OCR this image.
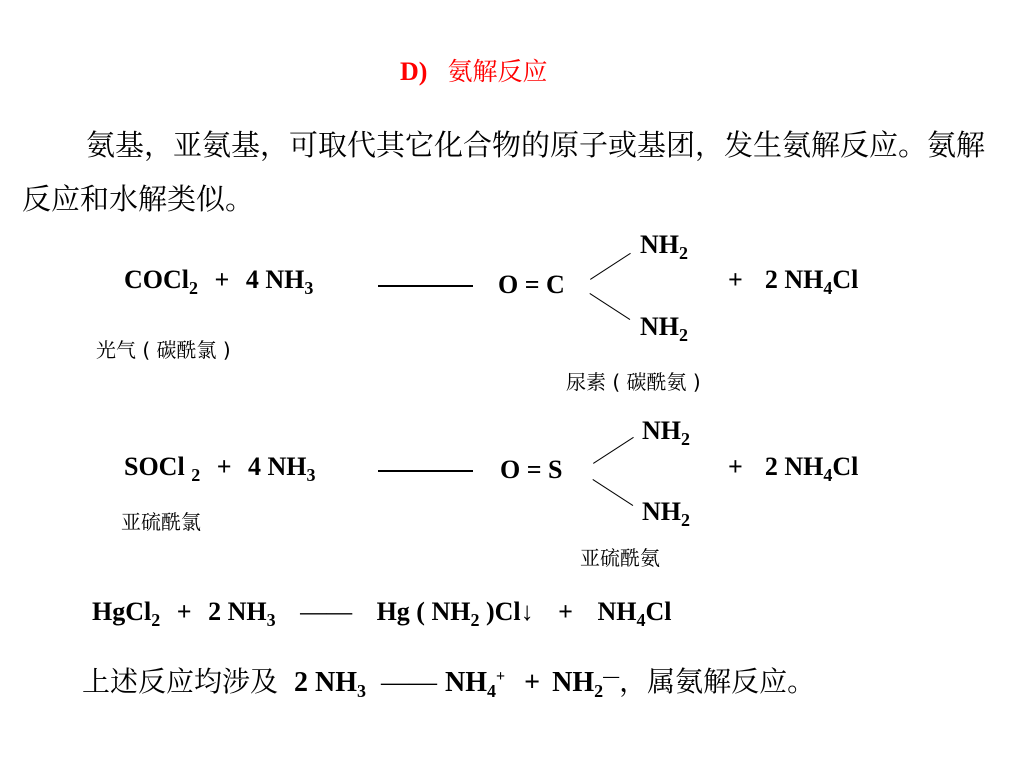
D) 氨解反应
氨基，亚氨基，可取代其它化合物的原子或基团，发生氨解反应。氨解反应和水解类似。
COCl$_2$ + 4 $NH_3$	O = C
$NH_2$
$NH_2$
+ 2 $NH_4Cl$
光气 ( 碳酰氯 )
尿素 ( 碳酰氨 )
SOCl $_2$ + 4 $NH_3$	O = S
$NH_2$
$NH_2$
+ 2 $NH_4Cl$
亚硫酰氯
亚硫酰氨
HgCl$_2$ + 2 $NH_3$ —— Hg ( $NH_2$ )Cl↓ + $NH_4Cl$
上述反应均涉及 2 $NH_3$ —— $NH_4^+ + NH_2^—$，属氨解反应。
